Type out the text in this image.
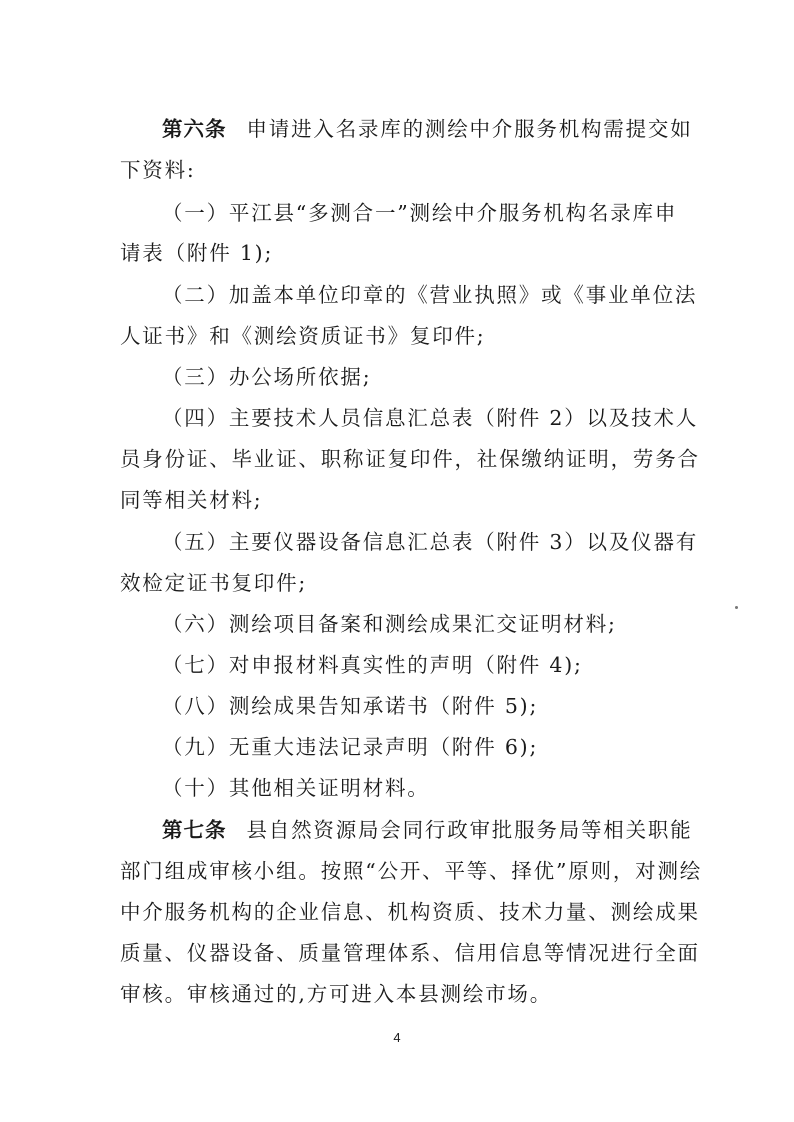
第六条 申请进入名录库的测绘中介服务机构需提交如
下资料:
（一）平江县“多测合一”测绘中介服务机构名录库申
请表（附件 1);
（二）加盖本单位印章的《营业执照》或《事业单位法
人证书》和《测绘资质证书》复印件;
（三）办公场所依据;
（四）主要技术人员信息汇总表（附件 2）以及技术人
员身份证、毕业证、职称证复印件，社保缴纳证明，劳务合
同等相关材料;
（五）主要仪器设备信息汇总表（附件 3）以及仪器有
效检定证书复印件;
（六）测绘项目备案和测绘成果汇交证明材料;
（七）对申报材料真实性的声明（附件 4);
（八）测绘成果告知承诺书（附件 5);
（九）无重大违法记录声明（附件 6);
（十）其他相关证明材料。
第七条 县自然资源局会同行政审批服务局等相关职能
部门组成审核小组。按照“公开、平等、择优”原则，对测绘
中介服务机构的企业信息、机构资质、技术力量、测绘成果
质量、仪器设备、质量管理体系、信用信息等情况进行全面
审核。审核通过的,方可进入本县测绘市场。
4
